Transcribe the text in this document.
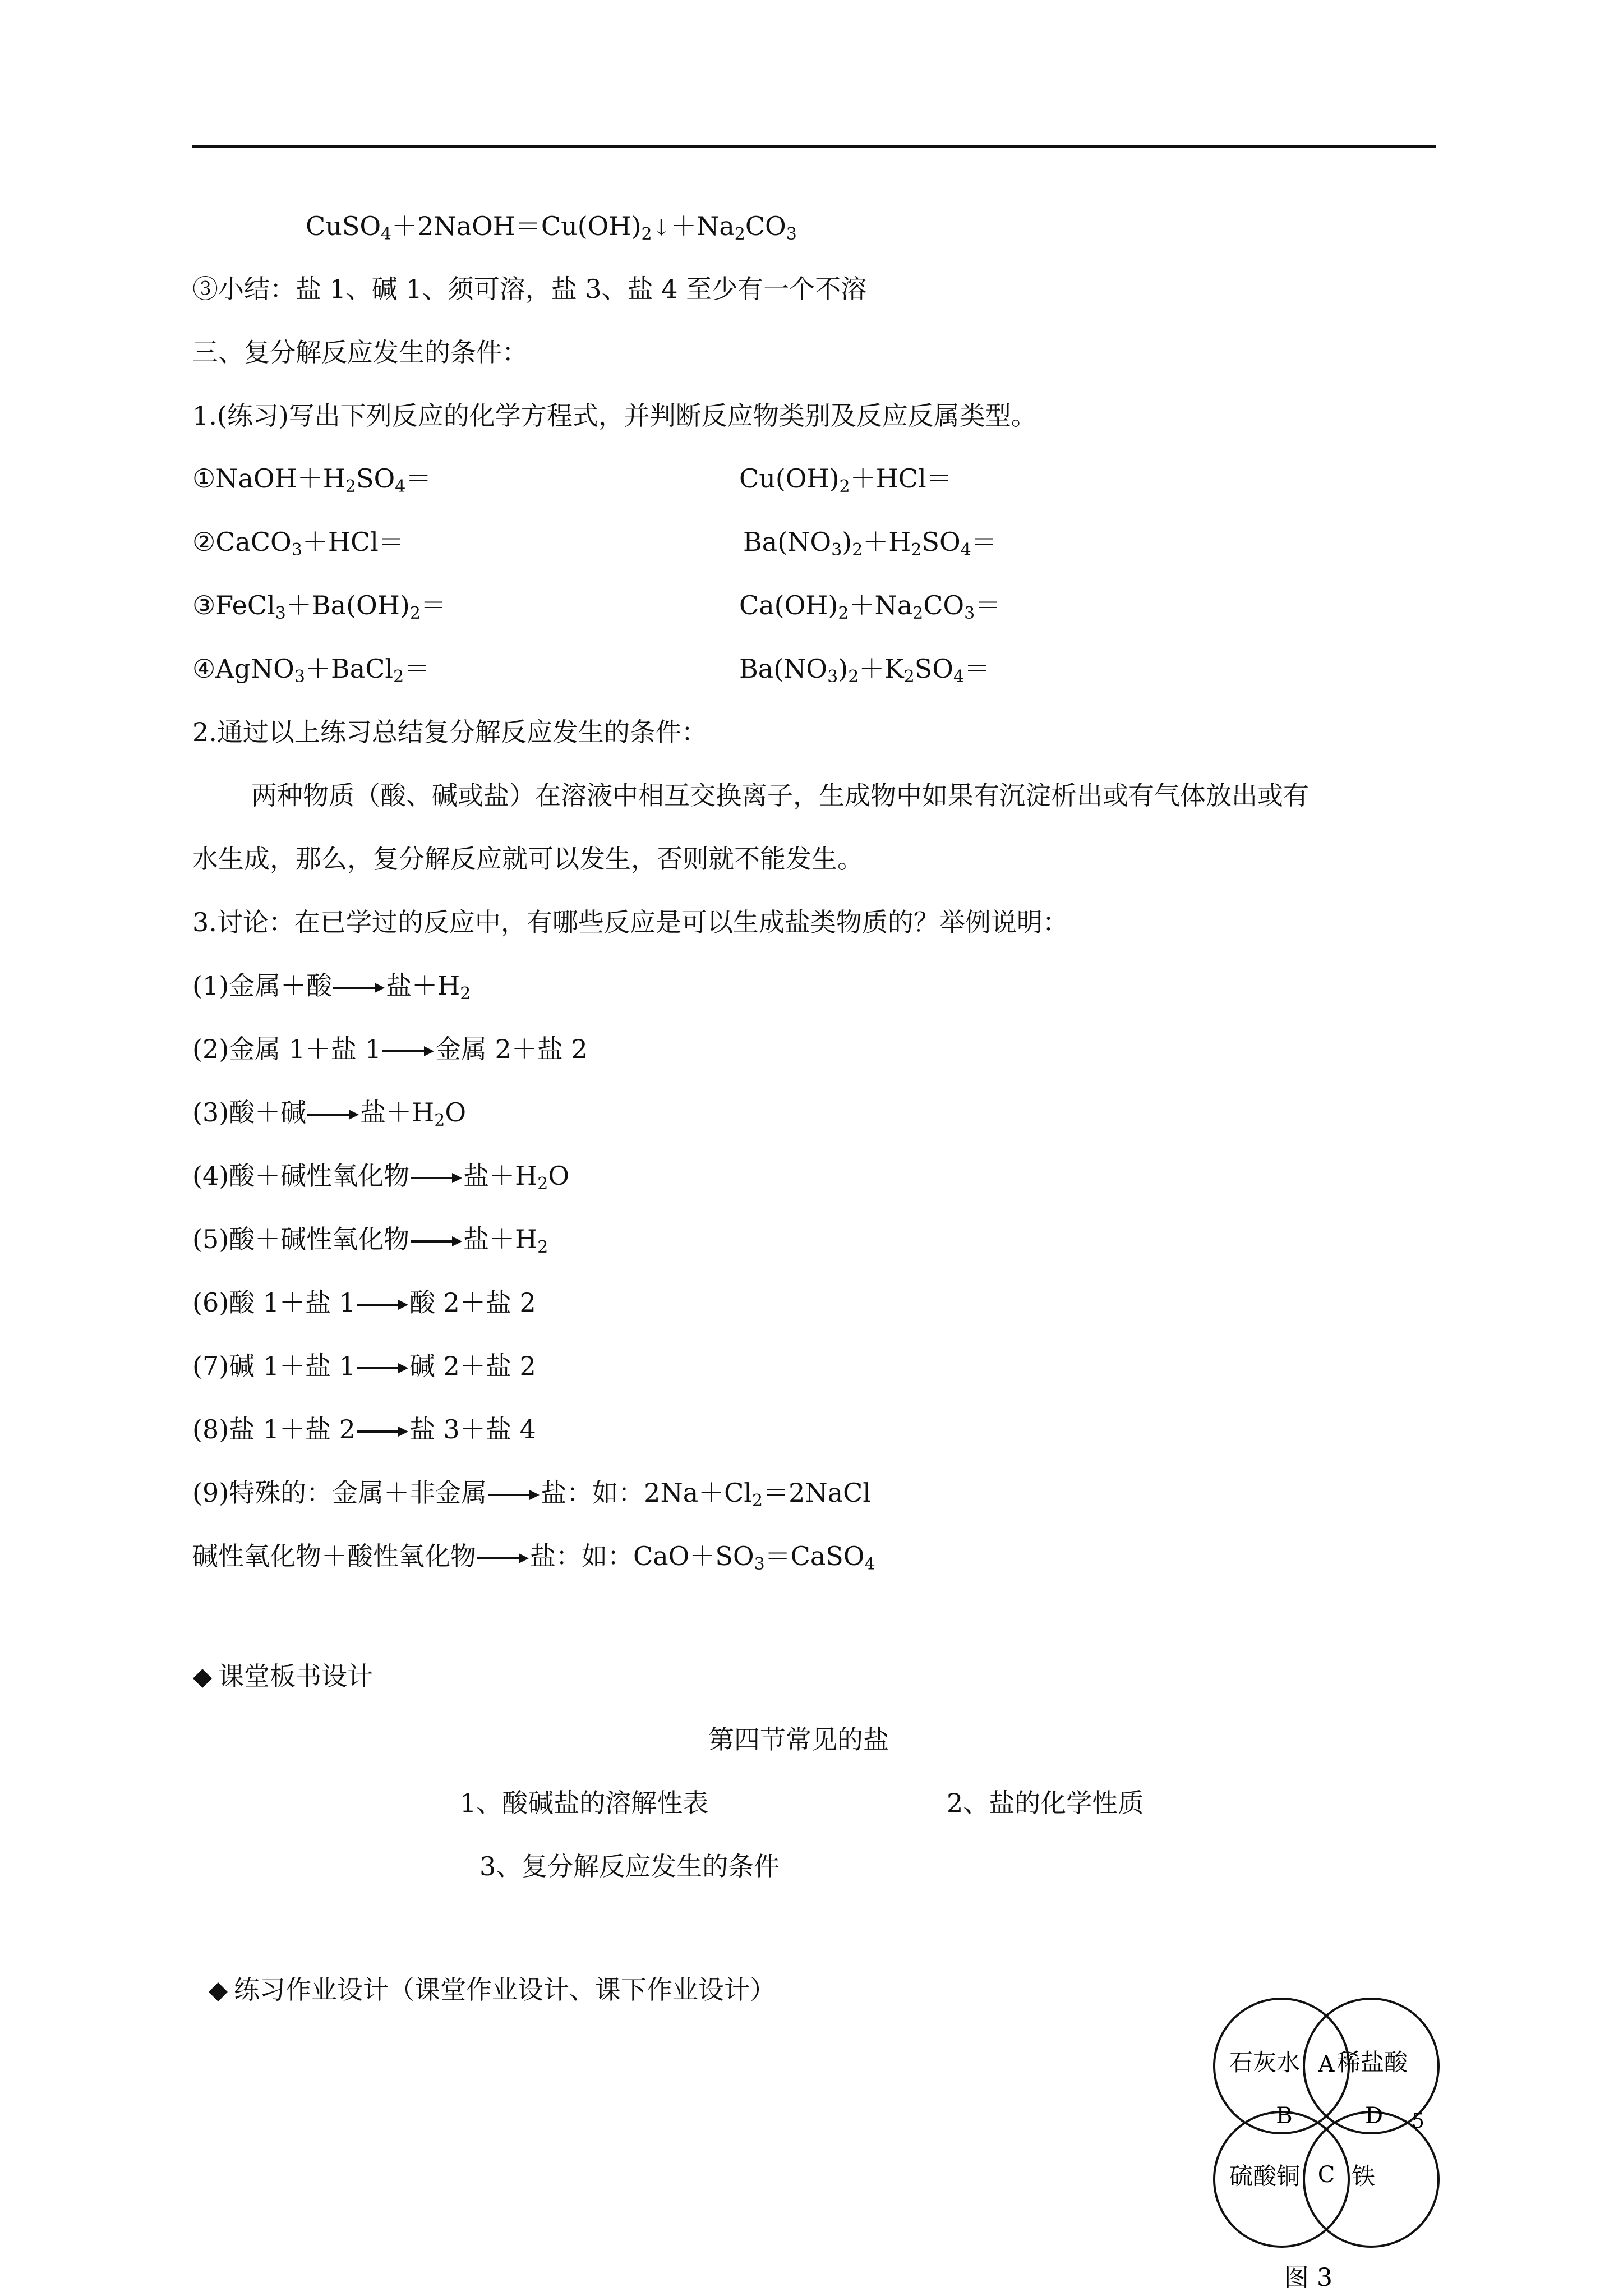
$CuSO_4+2NaOH=Cu(OH)_2↓+Na_2CO_3$
③小结：盐 1、碱 1、须可溶，盐 3、盐 4 至少有一个不溶
三、复分解反应发生的条件：
1.(练习)写出下列反应的化学方程式，并判断反应物类别及反应反属类型。
$①NaOH+H_2SO_4=$	$Cu(OH)_2+HCl=$
②CaCO$_3$＋HCl＝	$Ba(NO_3)_2+H_2SO_4=$
$③FeCl_3+Ba(OH)_2=$	$Ca(OH)_2+Na_2CO_3=$
④AgNO$_3$＋BaCl$_2$＝	$Ba(NO_3)_2+K_2SO_4=$
2.通过以上练习总结复分解反应发生的条件：
两种物质（酸、碱或盐）在溶液中相互交换离子，生成物中如果有沉淀析出或有气体放出或有
水生成，那么，复分解反应就可以发生，否则就不能发生。
3.讨论：在已学过的反应中，有哪些反应是可以生成盐类物质的？举例说明：
(1)金属＋酸 盐$+H_2$
(2)金属 1＋盐 1 金属 2＋盐 2
(3)酸＋碱 盐$+H_2O$
(4)酸＋碱性氧化物 盐$+H_2O$
(5)酸＋碱性氧化物 盐$+H_2$
(6)酸 1＋盐 1 酸 2＋盐 2
(7)碱 1＋盐 1 碱 2＋盐 2
(8)盐 1＋盐 2 盐 3＋盐 4
(9)特殊的：金属＋非金属 盐：如：$2Na+Cl_2=2NaCl$
碱性氧化物＋酸性氧化物 盐：如：$CaO+SO_3=CaSO_4$
课堂板书设计
第四节常见的盐
1、酸碱盐的溶解性表	2、盐的化学性质
3、复分解反应发生的条件
练习作业设计（课堂作业设计、课下作业设计）
石灰水 稀盐酸
硫酸铜 铁
A
B
C
D 5
图 3
